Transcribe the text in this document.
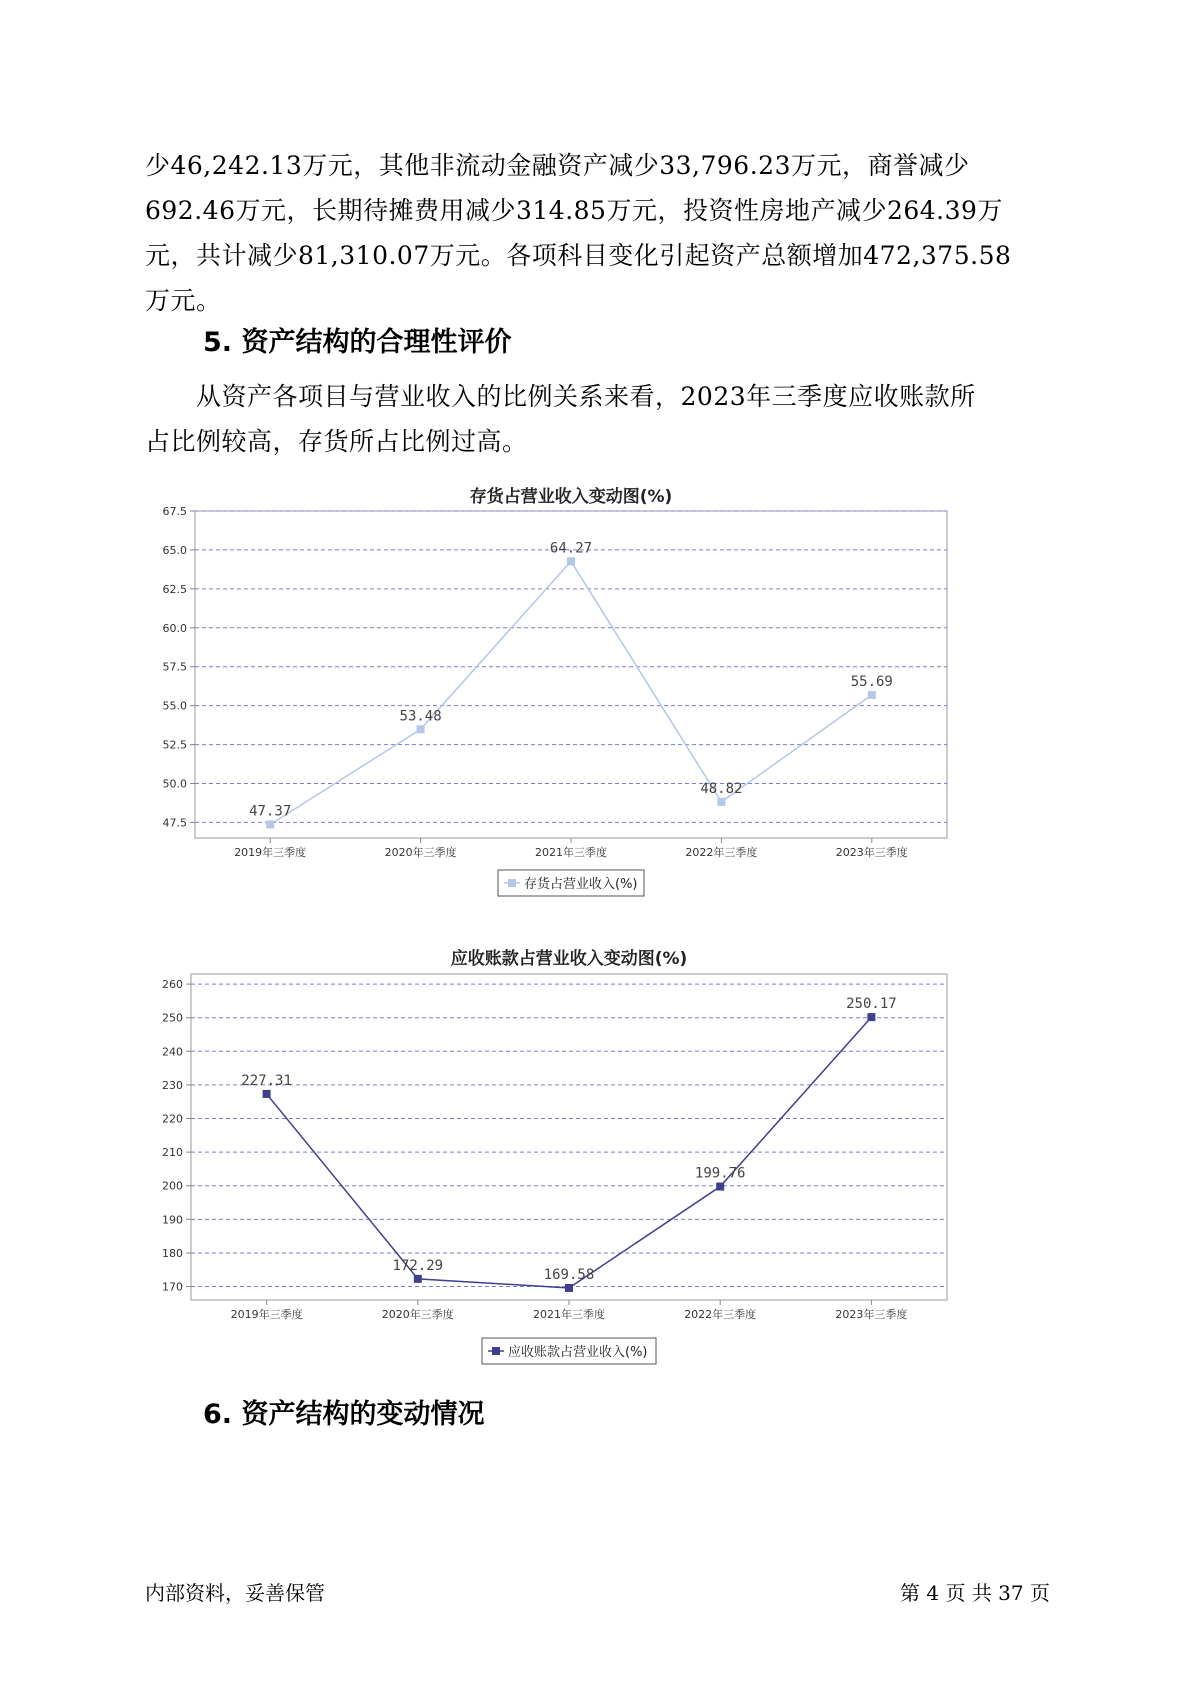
少46,242.13万元，其他非流动金融资产减少33,796.23万元，商誉减少
692.46万元，长期待摊费用减少314.85万元，投资性房地产减少264.39万
元，共计减少81,310.07万元。各项科目变化引起资产总额增加472,375.58
万元。
5. 资产结构的合理性评价
从资产各项目与营业收入的比例关系来看，2023年三季度应收账款所
占比例较高，存货所占比例过高。
存货占营业收入变动图(%)
47.5
50.0
52.5
55.0
57.5
60.0
62.5
65.0
67.5
2019年三季度	2020年三季度	2021年三季度	2022年三季度	2023年三季度
47.37
53.48
64.27
48.82
55.69
存货占营业收入(%)
应收账款占营业收入变动图(%)
170
180
190
200
210
220
230
240
250
260
2019年三季度	2020年三季度	2021年三季度	2022年三季度	2023年三季度
227.31
172.29
169.58
199.76
250.17
应收账款占营业收入(%)
6. 资产结构的变动情况
内部资料，妥善保管	第 4 页 共 37 页
